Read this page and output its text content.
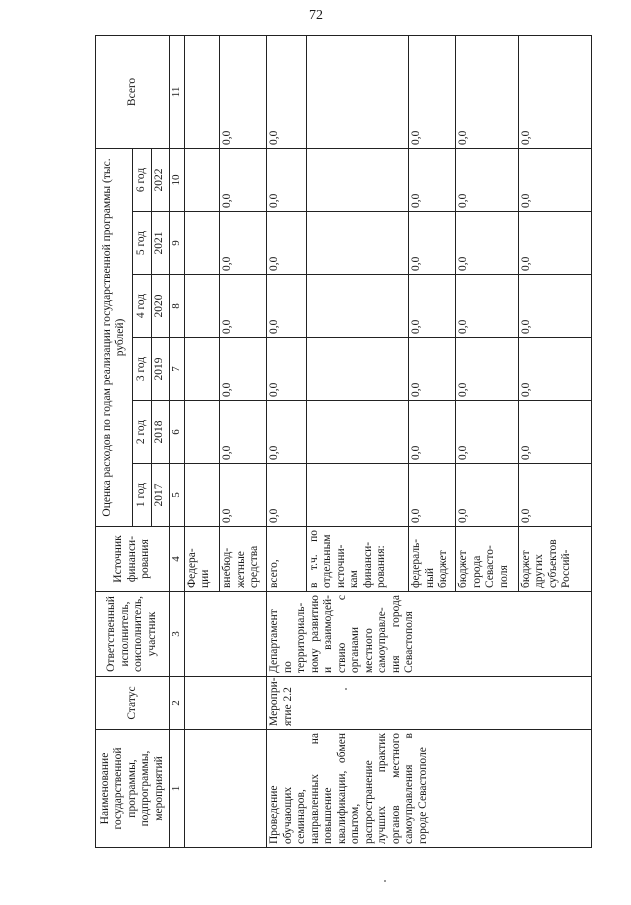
72
Наименование государственной программы, подпрограммы, мероприятий	Статус	Ответственный исполнитель, соисполнитель, участник	Источник финанси-рования	Оценка расходов по годам реализации государственной программы (тыс. рублей)						Всего
				1 год	2 год	3 год	4 год	5 год	6 год	
				2017	2018	2019	2020	2021	2022	
1	2	3	4	5	6	7	8	9	10	11
			Федера-ции							
			внебюд-жетные средства	0,0	0,0	0,0	0,0	0,0	0,0	0,0
Проведение обучающих семинаров, направленных на повышение квалификации, обмен опытом, распространение лучших практик органов местного самоуправления в городе Севастополе	Меропри-ятие 2.2	Департамент по территориаль-ному развитию и взаимодей-ствию с органами местного самоуправле-ния города Севастополя	всего,	0,0	0,0	0,0	0,0	0,0	0,0	0,0
			в т.ч. по отдельным источни-кам финанси-рования:							
			федераль-ный бюджет	0,0	0,0	0,0	0,0	0,0	0,0	0,0
			бюджет города Севасто-поля	0,0	0,0	0,0	0,0	0,0	0,0	0,0
			бюджет других субъектов Россий-	0,0	0,0	0,0	0,0	0,0	0,0	0,0
